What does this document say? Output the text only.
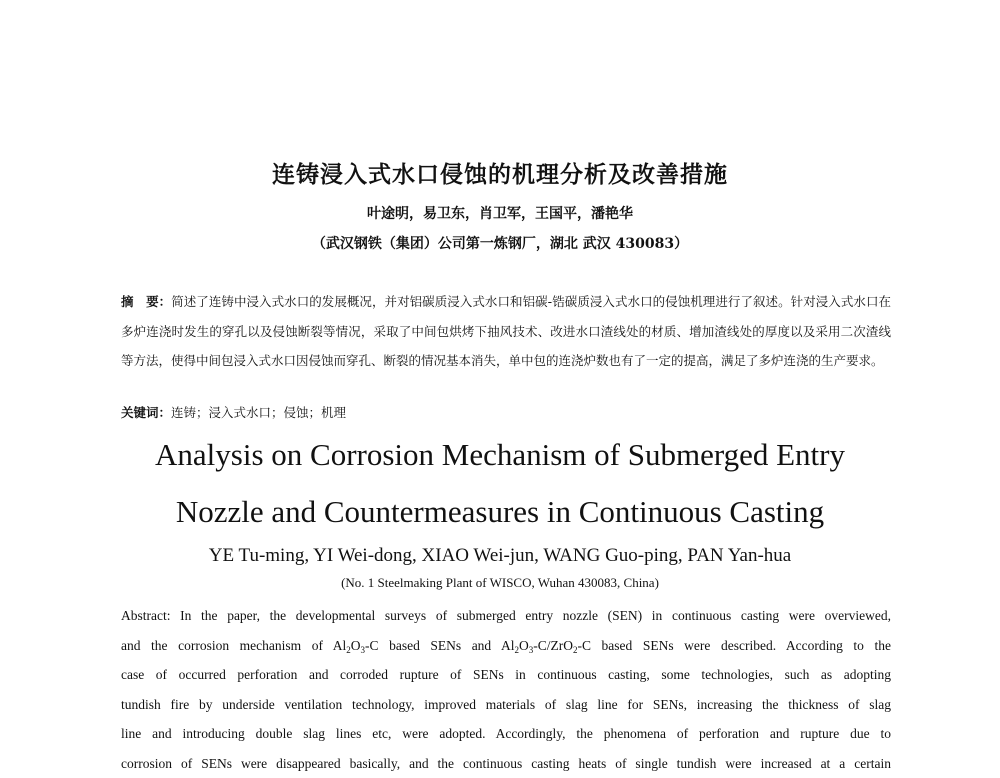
连铸浸入式水口侵蚀的机理分析及改善措施
叶途明，易卫东，肖卫军，王国平，潘艳华
（武汉钢铁（集团）公司第一炼钢厂，湖北 武汉 430083）
摘　要：简述了连铸中浸入式水口的发展概况，并对铝碳质浸入式水口和铝碳-锆碳质浸入式水口的侵蚀机理进行了叙述。针对浸入式水口在多炉连浇时发生的穿孔以及侵蚀断裂等情况，采取了中间包烘烤下抽风技术、改进水口渣线处的材质、增加渣线处的厚度以及采用二次渣线等方法，使得中间包浸入式水口因侵蚀而穿孔、断裂的情况基本消失，单中包的连浇炉数也有了一定的提高，满足了多炉连浇的生产要求。
关键词：连铸；浸入式水口；侵蚀；机理
Analysis on Corrosion Mechanism of Submerged Entry
Nozzle and Countermeasures in Continuous Casting
YE Tu-ming, YI Wei-dong, XIAO Wei-jun, WANG Guo-ping, PAN Yan-hua
(No. 1 Steelmaking Plant of WISCO, Wuhan 430083, China)
Abstract: In the paper, the developmental surveys of submerged entry nozzle (SEN) in continuous casting were overviewed,
and the corrosion mechanism of $Al_2O_3-C$ based SENs and $Al_2O_3-C/ZrO_2-C$ based SENs were described. According to the
case of occurred perforation and corroded rupture of SENs in continuous casting, some technologies, such as adopting
tundish fire by underside ventilation technology, improved materials of slag line for SENs, increasing the thickness of slag
line and introducing double slag lines etc, were adopted. Accordingly, the phenomena of perforation and rupture due to
corrosion of SENs were disappeared basically, and the continuous casting heats of single tundish were increased at a certain
